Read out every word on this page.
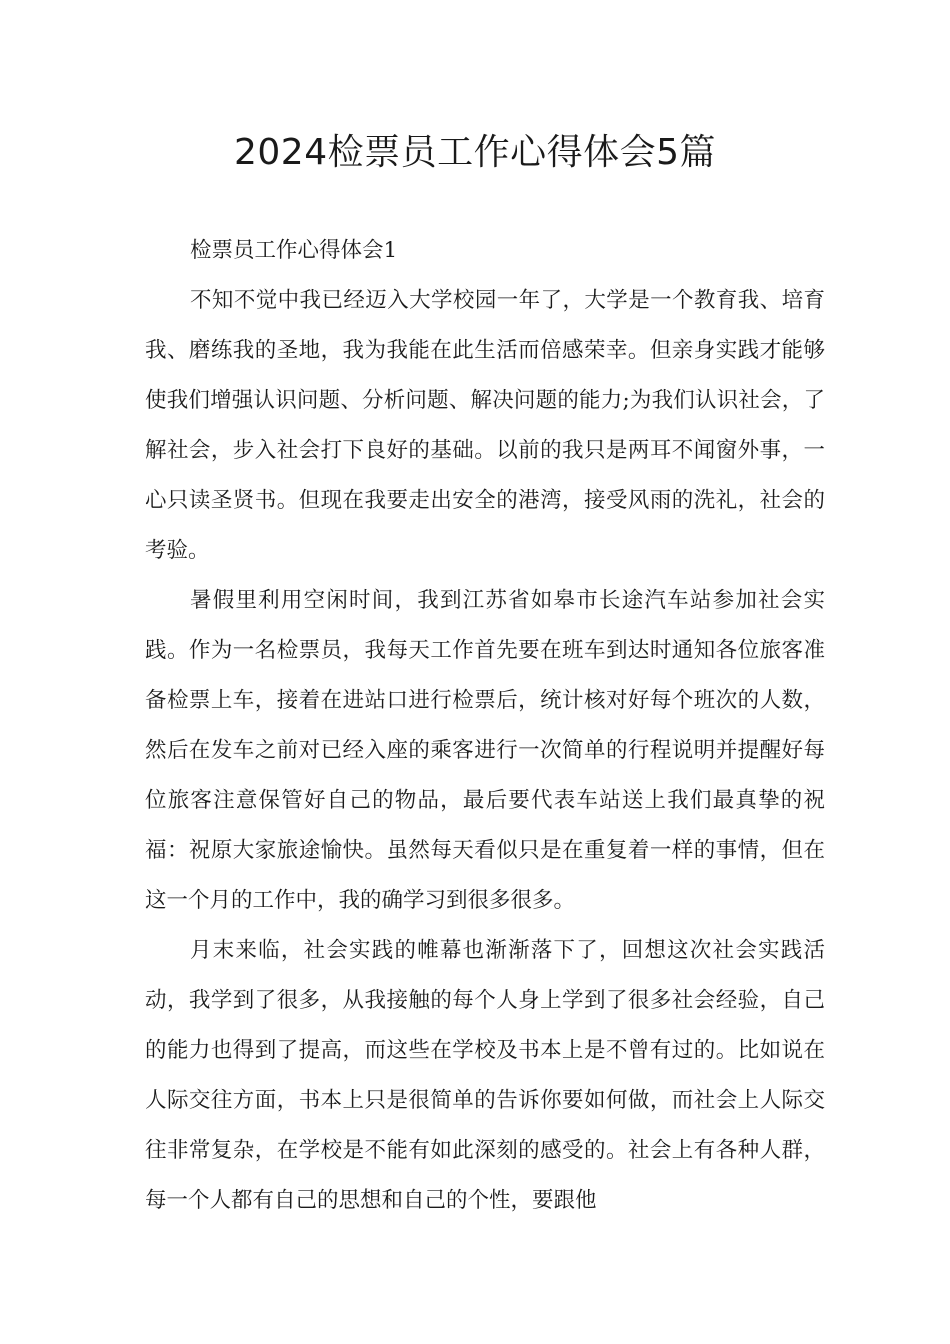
2024检票员工作心得体会5篇

检票员工作心得体会1

不知不觉中我已经迈入大学校园一年了，大学是一个教育我、培育我、磨练我的圣地，我为我能在此生活而倍感荣幸。但亲身实践才能够使我们增强认识问题、分析问题、解决问题的能力;为我们认识社会，了解社会，步入社会打下良好的基础。以前的我只是两耳不闻窗外事，一心只读圣贤书。但现在我要走出安全的港湾，接受风雨的洗礼，社会的考验。

暑假里利用空闲时间，我到江苏省如皋市长途汽车站参加社会实践。作为一名检票员，我每天工作首先要在班车到达时通知各位旅客准备检票上车，接着在进站口进行检票后，统计核对好每个班次的人数，然后在发车之前对已经入座的乘客进行一次简单的行程说明并提醒好每位旅客注意保管好自己的物品，最后要代表车站送上我们最真挚的祝福：祝原大家旅途愉快。虽然每天看似只是在重复着一样的事情，但在这一个月的工作中，我的确学习到很多很多。

月末来临，社会实践的帷幕也渐渐落下了，回想这次社会实践活动，我学到了很多，从我接触的每个人身上学到了很多社会经验，自己的能力也得到了提高，而这些在学校及书本上是不曾有过的。比如说在人际交往方面，书本上只是很简单的告诉你要如何做，而社会上人际交往非常复杂，在学校是不能有如此深刻的感受的。社会上有各种人群，每一个人都有自己的思想和自己的个性，要跟他
